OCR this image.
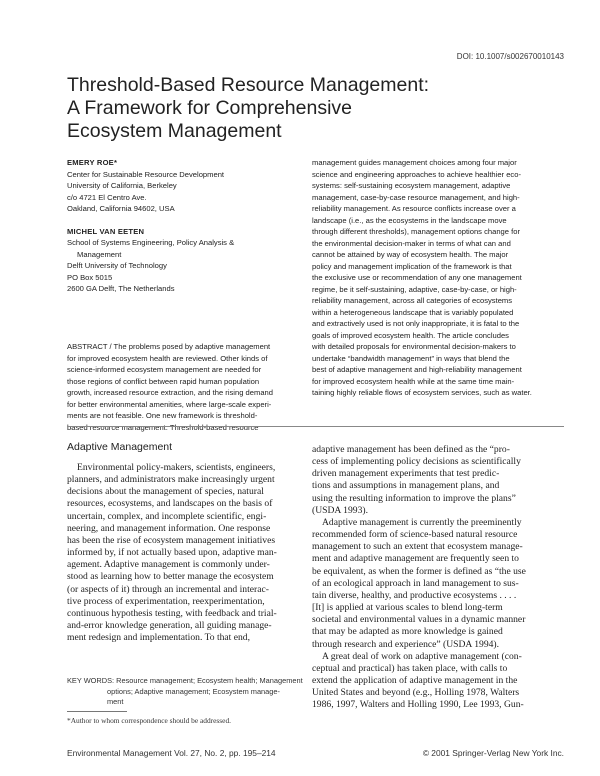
DOI: 10.1007/s002670010143
Threshold-Based Resource Management:
A Framework for Comprehensive
Ecosystem Management
EMERY ROE*
Center for Sustainable Resource Development
University of California, Berkeley
c/o 4721 El Centro Ave.
Oakland, California 94602, USA
MICHEL VAN EETEN
School of Systems Engineering, Policy Analysis &
Management
Delft University of Technology
PO Box 5015
2600 GA Delft, The Netherlands
ABSTRACT / The problems posed by adaptive management
for improved ecosystem health are reviewed. Other kinds of
science-informed ecosystem management are needed for
those regions of conflict between rapid human population
growth, increased resource extraction, and the rising demand
for better environmental amenities, where large-scale experi-
ments are not feasible. One new framework is threshold-
based resource management. Threshold-based resource
management guides management choices among four major
science and engineering approaches to achieve healthier eco-
systems: self-sustaining ecosystem management, adaptive
management, case-by-case resource management, and high-
reliability management. As resource conflicts increase over a
landscape (i.e., as the ecosystems in the landscape move
through different thresholds), management options change for
the environmental decision-maker in terms of what can and
cannot be attained by way of ecosystem health. The major
policy and management implication of the framework is that
the exclusive use or recommendation of any one management
regime, be it self-sustaining, adaptive, case-by-case, or high-
reliability management, across all categories of ecosystems
within a heterogeneous landscape that is variably populated
and extractively used is not only inappropriate, it is fatal to the
goals of improved ecosystem health. The article concludes
with detailed proposals for environmental decision-makers to
undertake “bandwidth management” in ways that blend the
best of adaptive management and high-reliability management
for improved ecosystem health while at the same time main-
taining highly reliable flows of ecosystem services, such as water.
Adaptive Management
Environmental policy-makers, scientists, engineers,
planners, and administrators make increasingly urgent
decisions about the management of species, natural
resources, ecosystems, and landscapes on the basis of
uncertain, complex, and incomplete scientific, engi-
neering, and management information. One response
has been the rise of ecosystem management initiatives
informed by, if not actually based upon, adaptive man-
agement. Adaptive management is commonly under-
stood as learning how to better manage the ecosystem
(or aspects of it) through an incremental and interac-
tive process of experimentation, reexperimentation,
continuous hypothesis testing, with feedback and trial-
and-error knowledge generation, all guiding manage-
ment redesign and implementation. To that end,
adaptive management has been defined as the “pro-
cess of implementing policy decisions as scientifically
driven management experiments that test predic-
tions and assumptions in management plans, and
using the resulting information to improve the plans”
(USDA 1993).
Adaptive management is currently the preeminently
recommended form of science-based natural resource
management to such an extent that ecosystem manage-
ment and adaptive management are frequently seen to
be equivalent, as when the former is defined as “the use
of an ecological approach in land management to sus-
tain diverse, healthy, and productive ecosystems . . . .
[It] is applied at various scales to blend long-term
societal and environmental values in a dynamic manner
that may be adapted as more knowledge is gained
through research and experience” (USDA 1994).
A great deal of work on adaptive management (con-
ceptual and practical) has taken place, with calls to
extend the application of adaptive management in the
United States and beyond (e.g., Holling 1978, Walters
1986, 1997, Walters and Holling 1990, Lee 1993, Gun-
KEY WORDS: Resource management; Ecosystem health; Management
options; Adaptive management; Ecosystem manage-
ment
*Author to whom correspondence should be addressed.
Environmental Management Vol. 27, No. 2, pp. 195–214	© 2001 Springer-Verlag New York Inc.
